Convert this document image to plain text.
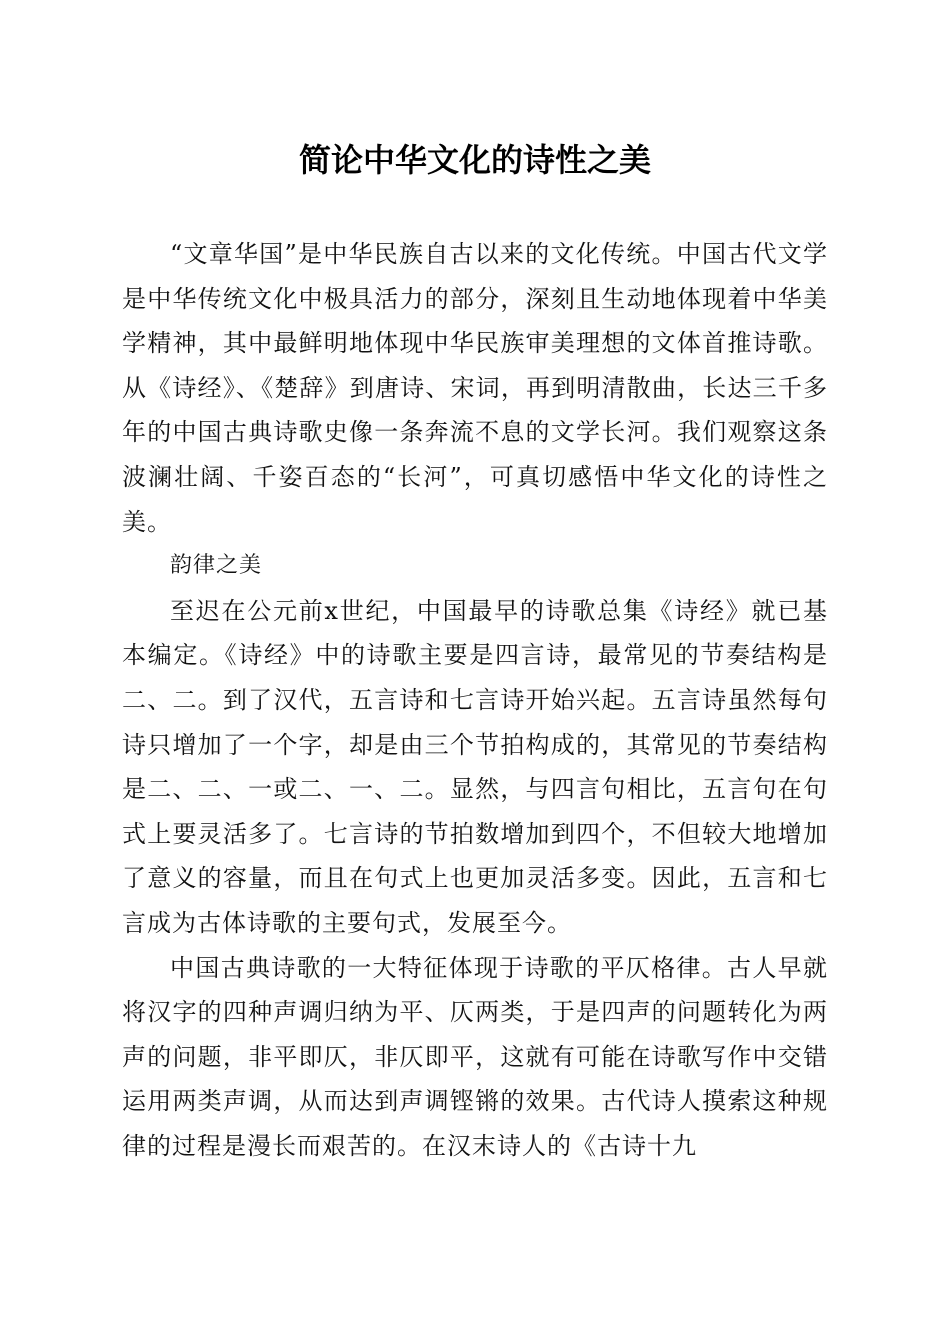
简论中华文化的诗性之美

“文章华国”是中华民族自古以来的文化传统。中国古代文学是中华传统文化中极具活力的部分，深刻且生动地体现着中华美学精神，其中最鲜明地体现中华民族审美理想的文体首推诗歌。从《诗经》、《楚辞》到唐诗、宋词，再到明清散曲，长达三千多年的中国古典诗歌史像一条奔流不息的文学长河。我们观察这条波澜壮阔、千姿百态的“长河”，可真切感悟中华文化的诗性之美。

韵律之美

至迟在公元前x世纪，中国最早的诗歌总集《诗经》就已基本编定。《诗经》中的诗歌主要是四言诗，最常见的节奏结构是二、二。到了汉代，五言诗和七言诗开始兴起。五言诗虽然每句诗只增加了一个字，却是由三个节拍构成的，其常见的节奏结构是二、二、一或二、一、二。显然，与四言句相比，五言句在句式上要灵活多了。七言诗的节拍数增加到四个，不但较大地增加了意义的容量，而且在句式上也更加灵活多变。因此，五言和七言成为古体诗歌的主要句式，发展至今。

中国古典诗歌的一大特征体现于诗歌的平仄格律。古人早就将汉字的四种声调归纳为平、仄两类，于是四声的问题转化为两声的问题，非平即仄，非仄即平，这就有可能在诗歌写作中交错运用两类声调，从而达到声调铿锵的效果。古代诗人摸索这种规律的过程是漫长而艰苦的。在汉末诗人的《古诗十九
